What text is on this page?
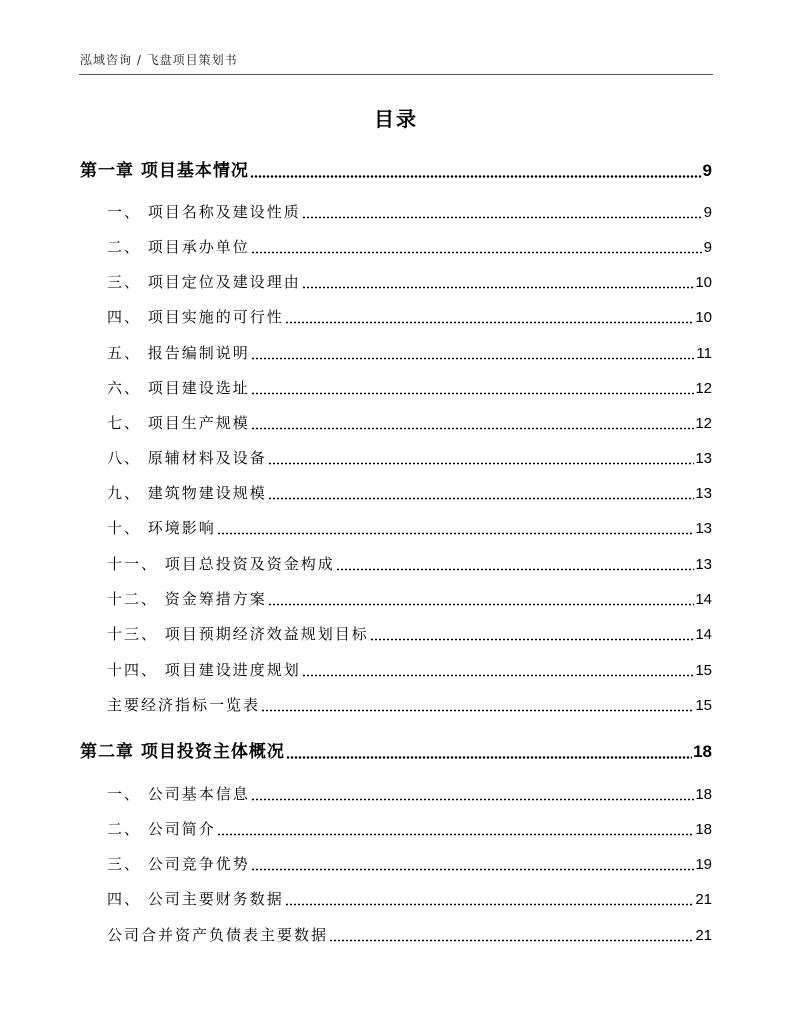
泓域咨询 / 飞盘项目策划书
目录
第一章 项目基本情况	9
一、 项目名称及建设性质	9
二、 项目承办单位	9
三、 项目定位及建设理由	10
四、 项目实施的可行性	10
五、 报告编制说明	11
六、 项目建设选址	12
七、 项目生产规模	12
八、 原辅材料及设备	13
九、 建筑物建设规模	13
十、 环境影响	13
十一、 项目总投资及资金构成	13
十二、 资金筹措方案	14
十三、 项目预期经济效益规划目标	14
十四、 项目建设进度规划	15
主要经济指标一览表	15
第二章 项目投资主体概况	18
一、 公司基本信息	18
二、 公司简介	18
三、 公司竞争优势	19
四、 公司主要财务数据	21
公司合并资产负债表主要数据	21
